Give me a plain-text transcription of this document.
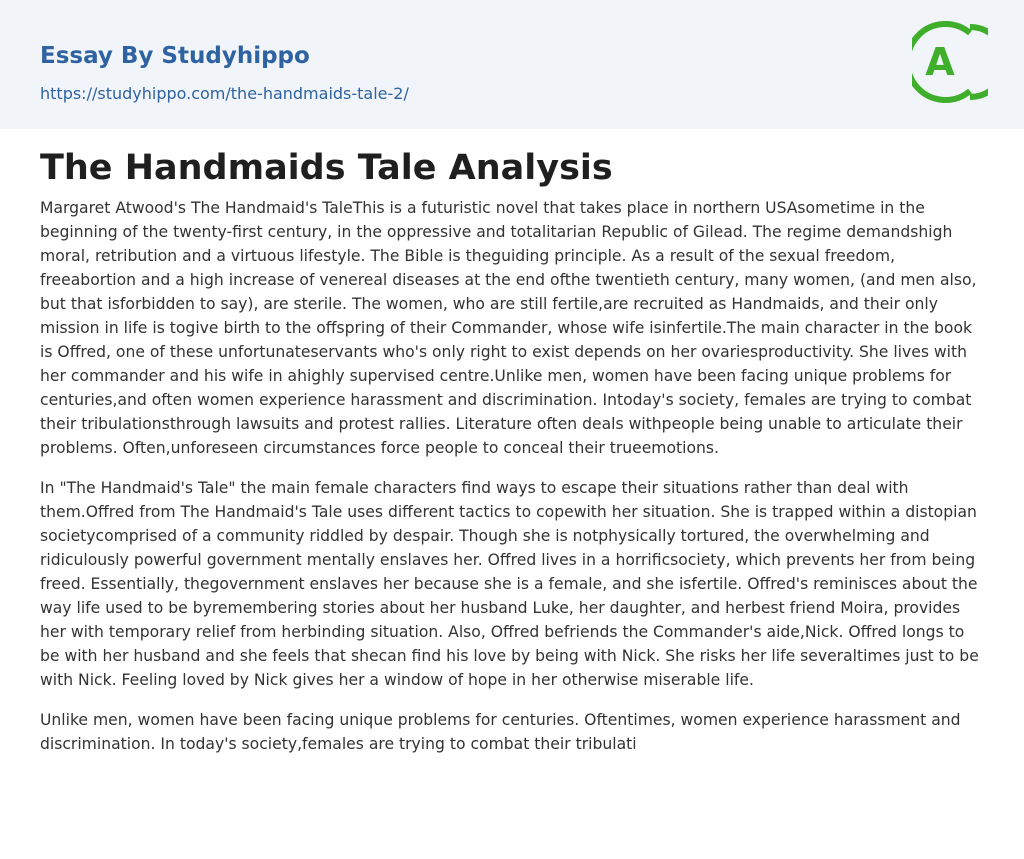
Essay By Studyhippo
https://studyhippo.com/the-handmaids-tale-2/
A
The Handmaids Tale Analysis

Margaret Atwood's The Handmaid's TaleThis is a futuristic novel that takes place in northern USAsometime in the beginning of the twenty-first century, in the oppressive and totalitarian Republic of Gilead. The regime demandshigh moral, retribution and a virtuous lifestyle. The Bible is theguiding principle. As a result of the sexual freedom, freeabortion and a high increase of venereal diseases at the end ofthe twentieth century, many women, (and men also, but that isforbidden to say), are sterile. The women, who are still fertile,are recruited as Handmaids, and their only mission in life is togive birth to the offspring of their Commander, whose wife isinfertile.The main character in the book is Offred, one of these unfortunateservants who's only right to exist depends on her ovariesproductivity. She lives with her commander and his wife in ahighly supervised centre.Unlike men, women have been facing unique problems for centuries,and often women experience harassment and discrimination. Intoday's society, females are trying to combat their tribulationsthrough lawsuits and protest rallies. Literature often deals withpeople being unable to articulate their problems. Often,unforeseen circumstances force people to conceal their trueemotions.

In "The Handmaid's Tale" the main female characters find ways to escape their situations rather than deal with them.Offred from The Handmaid's Tale uses different tactics to copewith her situation. She is trapped within a distopian societycomprised of a community riddled by despair. Though she is notphysically tortured, the overwhelming and ridiculously powerful government mentally enslaves her. Offred lives in a horrificsociety, which prevents her from being freed. Essentially, thegovernment enslaves her because she is a female, and she isfertile. Offred's reminisces about the way life used to be byremembering stories about her husband Luke, her daughter, and herbest friend Moira, provides her with temporary relief from herbinding situation. Also, Offred befriends the Commander's aide,Nick. Offred longs to be with her husband and she feels that shecan find his love by being with Nick. She risks her life severaltimes just to be with Nick. Feeling loved by Nick gives her a window of hope in her otherwise miserable life.

Unlike men, women have been facing unique problems for centuries. Oftentimes, women experience harassment and discrimination. In today's society,females are trying to combat their tribulati
